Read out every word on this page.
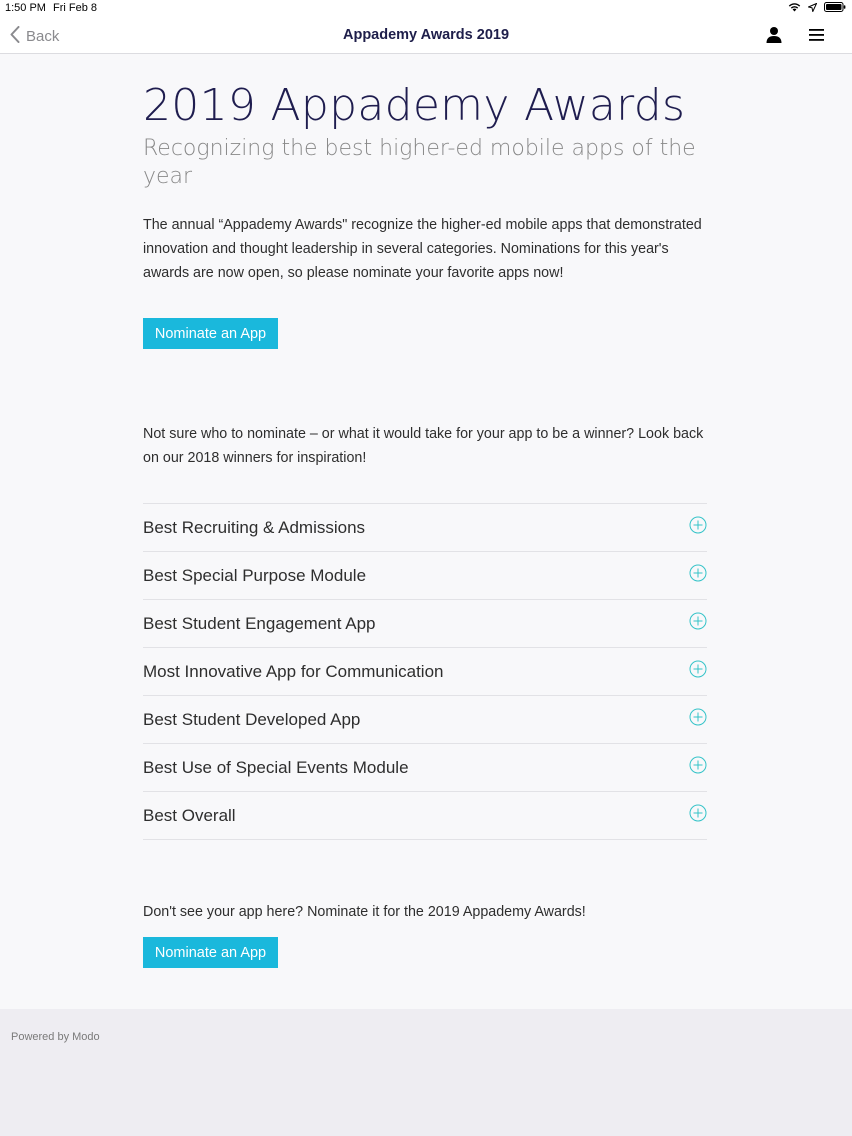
1:50 PM Fri Feb 8
Back	Appademy Awards 2019
2019 Appademy Awards
Recognizing the best higher-ed mobile apps of the year

The annual “Appademy Awards" recognize the higher-ed mobile apps that demonstrated innovation and thought leadership in several categories. Nominations for this year's awards are now open, so please nominate your favorite apps now!

Nominate an App

Not sure who to nominate – or what it would take for your app to be a winner? Look back on our 2018 winners for inspiration!

Best Recruiting & Admissions
Best Special Purpose Module
Best Student Engagement App
Most Innovative App for Communication
Best Student Developed App
Best Use of Special Events Module
Best Overall

Don't see your app here? Nominate it for the 2019 Appademy Awards!

Nominate an App
Powered by Modo
